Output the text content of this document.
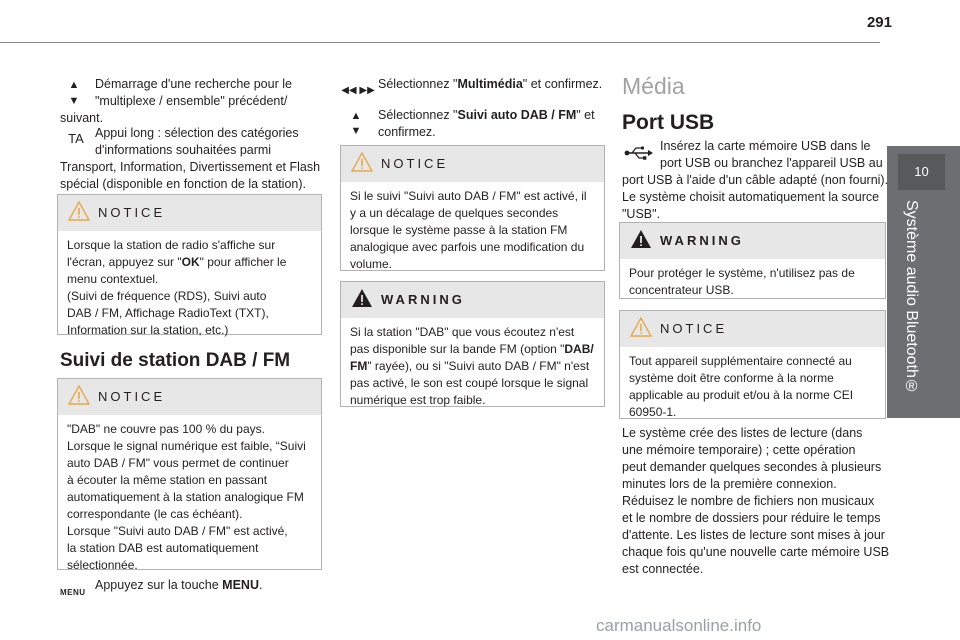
291
10
Système audio Bluetooth®
▲
▼
Démarrage d'une recherche pour le
"multiplexe / ensemble" précédent/
suivant.
TA Appui long : sélection des catégories
d'informations souhaitées parmi
Transport, Information, Divertissement et Flash
spécial (disponible en fonction de la station).
NOTICE
Lorsque la station de radio s'affiche sur
l'écran, appuyez sur "OK" pour afficher le
menu contextuel.
(Suivi de fréquence (RDS), Suivi auto
DAB / FM, Affichage RadioText (TXT),
Information sur la station, etc.)
Suivi de station DAB / FM
NOTICE
"DAB" ne couvre pas 100 % du pays.
Lorsque le signal numérique est faible, “Suivi
auto DAB / FM" vous permet de continuer
à écouter la même station en passant
automatiquement à la station analogique FM
correspondante (le cas échéant).
Lorsque "Suivi auto DAB / FM" est activé,
la station DAB est automatiquement
sélectionnée.
MENU
Appuyez sur la touche MENU.
◀◀ ▶▶ Sélectionnez "Multimédia" et confirmez.
▲
▼
Sélectionnez "Suivi auto DAB / FM" et
confirmez.
NOTICE
Si le suivi "Suivi auto DAB / FM" est activé, il
y a un décalage de quelques secondes
lorsque le système passe à la station FM
analogique avec parfois une modification du
volume.
WARNING
Si la station "DAB" que vous écoutez n'est
pas disponible sur la bande FM (option "DAB/
FM" rayée), ou si "Suivi auto DAB / FM" n'est
pas activé, le son est coupé lorsque le signal
numérique est trop faible.
Média
Port USB
Insérez la carte mémoire USB dans le
port USB ou branchez l'appareil USB au
port USB à l'aide d'un câble adapté (non fourni).
Le système choisit automatiquement la source
"USB".
WARNING
Pour protéger le système, n'utilisez pas de
concentrateur USB.
NOTICE
Tout appareil supplémentaire connecté au
système doit être conforme à la norme
applicable au produit et/ou à la norme CEI
60950-1.
Le système crée des listes de lecture (dans
une mémoire temporaire) ; cette opération
peut demander quelques secondes à plusieurs
minutes lors de la première connexion.
Réduisez le nombre de fichiers non musicaux
et le nombre de dossiers pour réduire le temps
d'attente. Les listes de lecture sont mises à jour
chaque fois qu'une nouvelle carte mémoire USB
est connectée.
carmanualsonline.info
